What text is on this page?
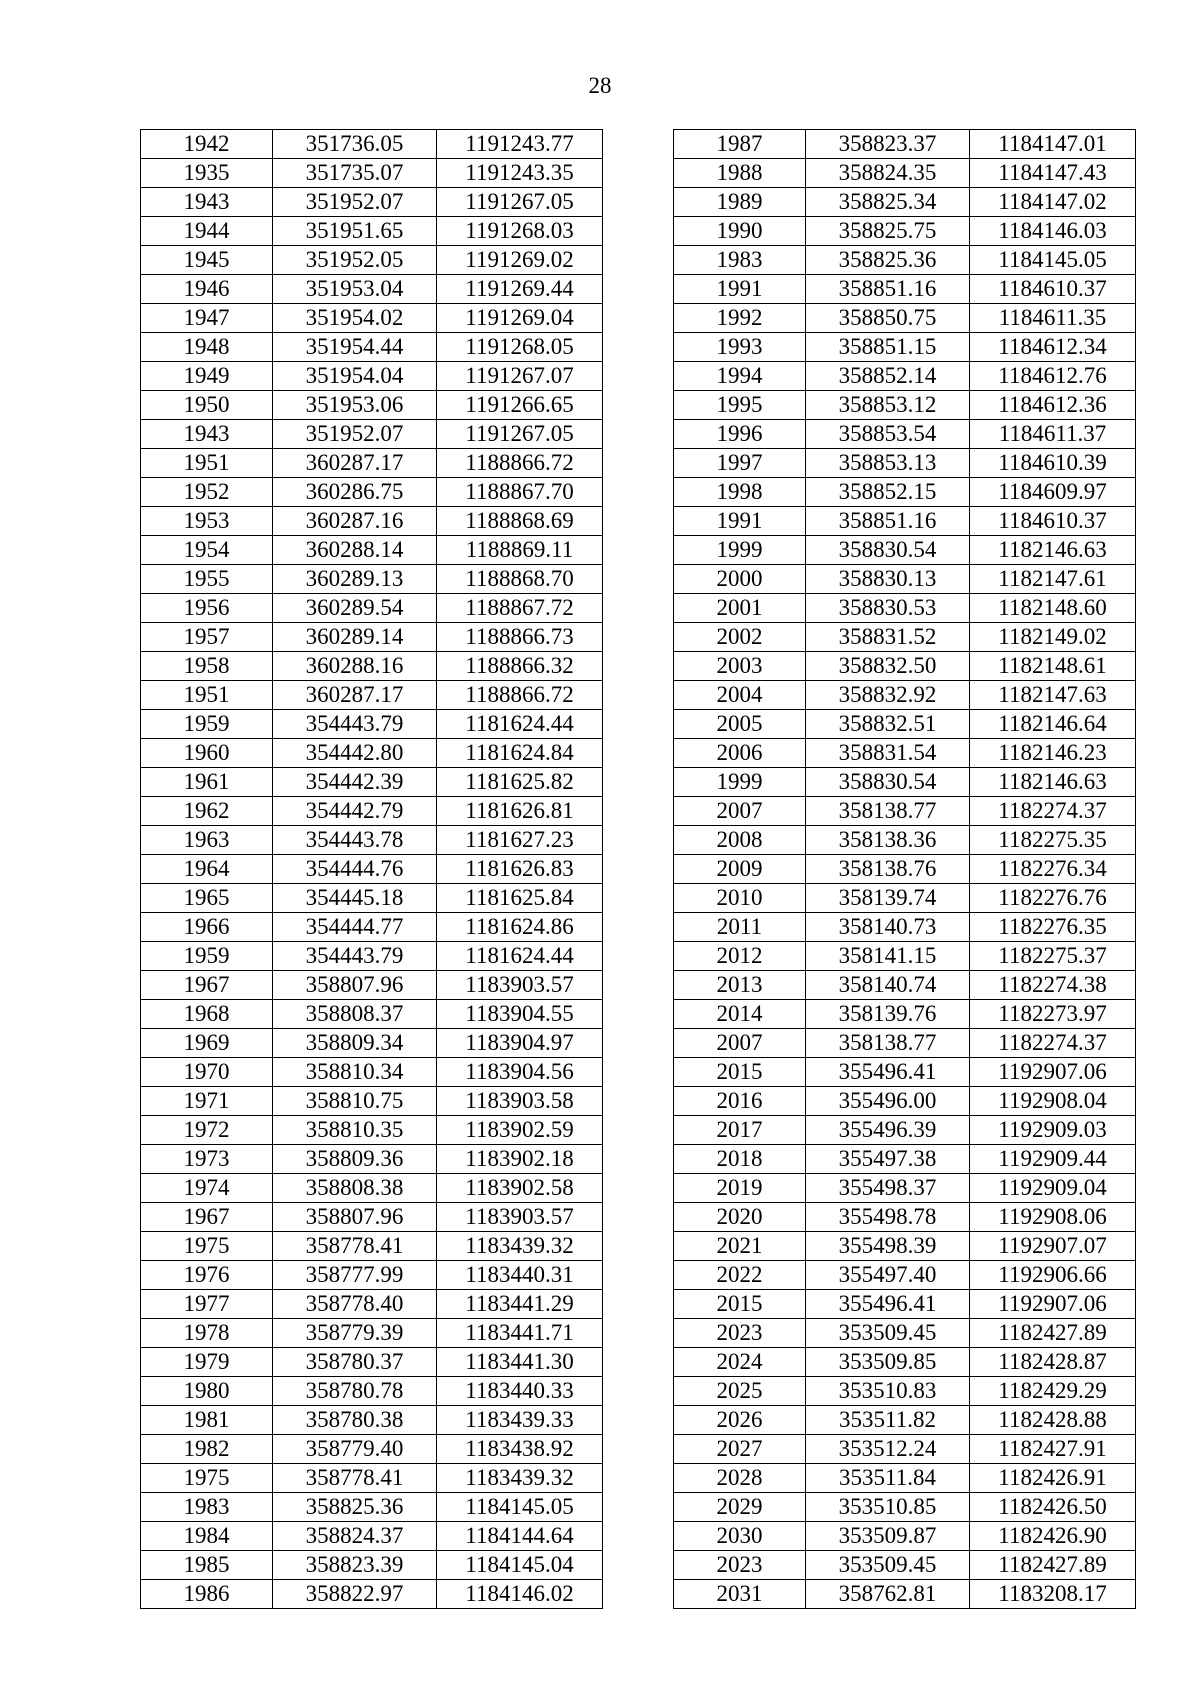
28
1942	351736.05	1191243.77
1935	351735.07	1191243.35
1943	351952.07	1191267.05
1944	351951.65	1191268.03
1945	351952.05	1191269.02
1946	351953.04	1191269.44
1947	351954.02	1191269.04
1948	351954.44	1191268.05
1949	351954.04	1191267.07
1950	351953.06	1191266.65
1943	351952.07	1191267.05
1951	360287.17	1188866.72
1952	360286.75	1188867.70
1953	360287.16	1188868.69
1954	360288.14	1188869.11
1955	360289.13	1188868.70
1956	360289.54	1188867.72
1957	360289.14	1188866.73
1958	360288.16	1188866.32
1951	360287.17	1188866.72
1959	354443.79	1181624.44
1960	354442.80	1181624.84
1961	354442.39	1181625.82
1962	354442.79	1181626.81
1963	354443.78	1181627.23
1964	354444.76	1181626.83
1965	354445.18	1181625.84
1966	354444.77	1181624.86
1959	354443.79	1181624.44
1967	358807.96	1183903.57
1968	358808.37	1183904.55
1969	358809.34	1183904.97
1970	358810.34	1183904.56
1971	358810.75	1183903.58
1972	358810.35	1183902.59
1973	358809.36	1183902.18
1974	358808.38	1183902.58
1967	358807.96	1183903.57
1975	358778.41	1183439.32
1976	358777.99	1183440.31
1977	358778.40	1183441.29
1978	358779.39	1183441.71
1979	358780.37	1183441.30
1980	358780.78	1183440.33
1981	358780.38	1183439.33
1982	358779.40	1183438.92
1975	358778.41	1183439.32
1983	358825.36	1184145.05
1984	358824.37	1184144.64
1985	358823.39	1184145.04
1986	358822.97	1184146.02
1987	358823.37	1184147.01
1988	358824.35	1184147.43
1989	358825.34	1184147.02
1990	358825.75	1184146.03
1983	358825.36	1184145.05
1991	358851.16	1184610.37
1992	358850.75	1184611.35
1993	358851.15	1184612.34
1994	358852.14	1184612.76
1995	358853.12	1184612.36
1996	358853.54	1184611.37
1997	358853.13	1184610.39
1998	358852.15	1184609.97
1991	358851.16	1184610.37
1999	358830.54	1182146.63
2000	358830.13	1182147.61
2001	358830.53	1182148.60
2002	358831.52	1182149.02
2003	358832.50	1182148.61
2004	358832.92	1182147.63
2005	358832.51	1182146.64
2006	358831.54	1182146.23
1999	358830.54	1182146.63
2007	358138.77	1182274.37
2008	358138.36	1182275.35
2009	358138.76	1182276.34
2010	358139.74	1182276.76
2011	358140.73	1182276.35
2012	358141.15	1182275.37
2013	358140.74	1182274.38
2014	358139.76	1182273.97
2007	358138.77	1182274.37
2015	355496.41	1192907.06
2016	355496.00	1192908.04
2017	355496.39	1192909.03
2018	355497.38	1192909.44
2019	355498.37	1192909.04
2020	355498.78	1192908.06
2021	355498.39	1192907.07
2022	355497.40	1192906.66
2015	355496.41	1192907.06
2023	353509.45	1182427.89
2024	353509.85	1182428.87
2025	353510.83	1182429.29
2026	353511.82	1182428.88
2027	353512.24	1182427.91
2028	353511.84	1182426.91
2029	353510.85	1182426.50
2030	353509.87	1182426.90
2023	353509.45	1182427.89
2031	358762.81	1183208.17
